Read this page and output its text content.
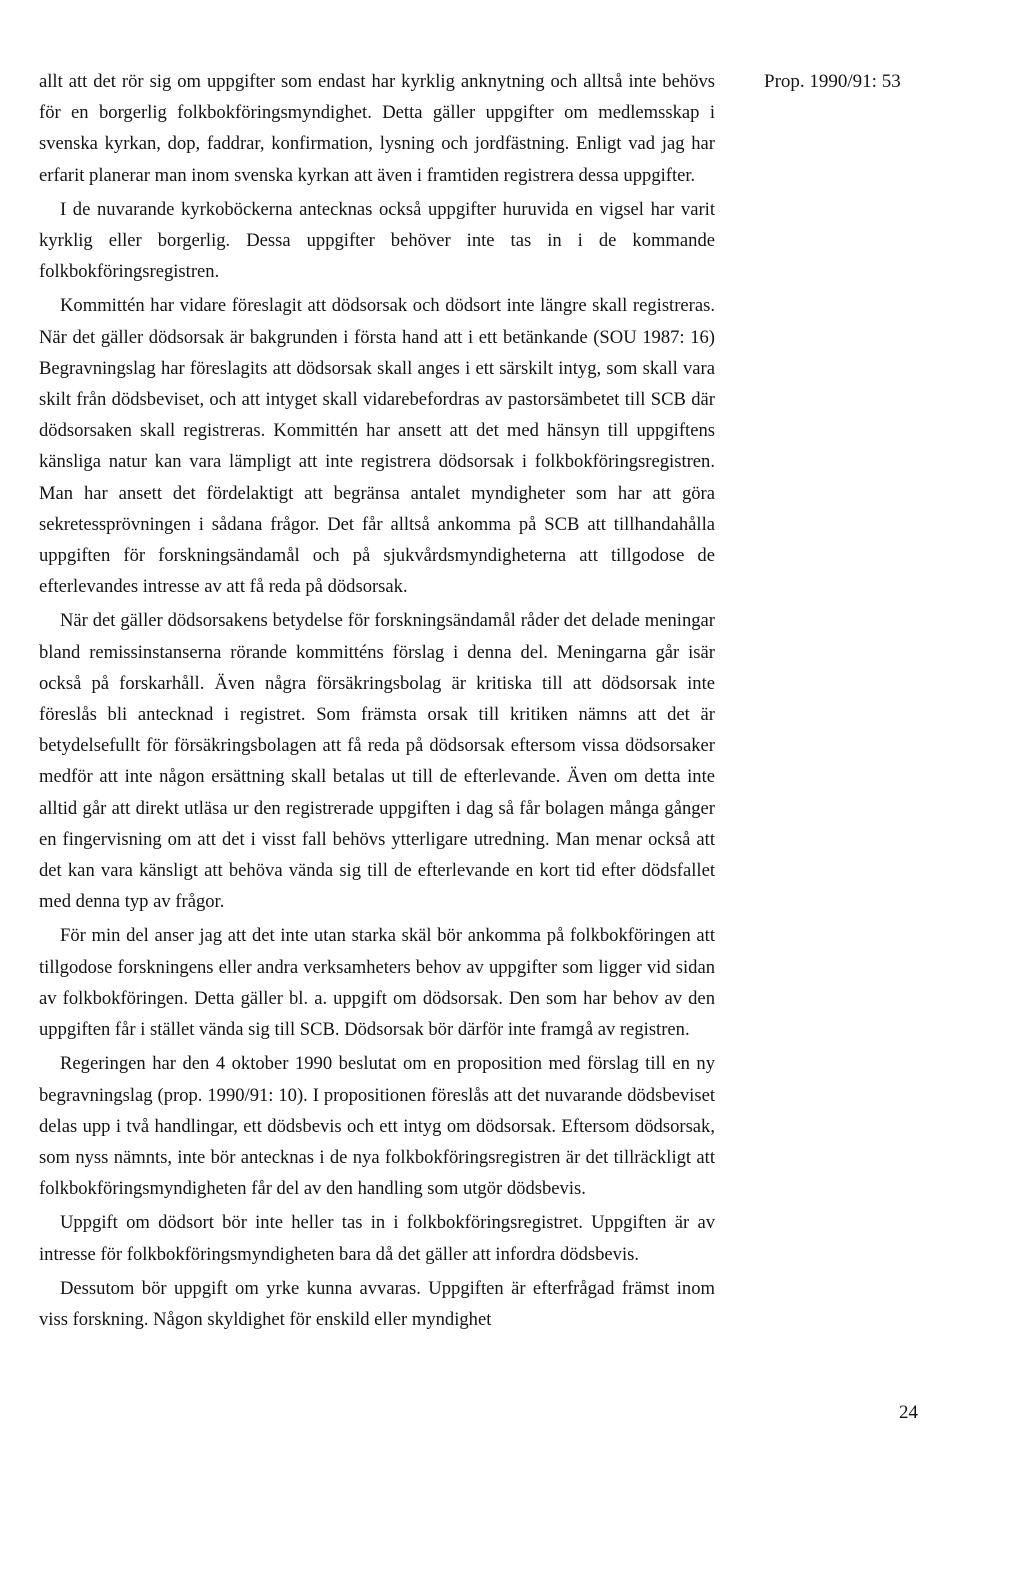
Prop. 1990/91: 53

allt att det rör sig om uppgifter som endast har kyrklig anknytning och alltså inte behövs för en borgerlig folkbokföringsmyndighet. Detta gäller uppgifter om medlemsskap i svenska kyrkan, dop, faddrar, konfirmation, lysning och jordfästning. Enligt vad jag har erfarit planerar man inom svenska kyrkan att även i framtiden registrera dessa uppgifter.

I de nuvarande kyrkoböckerna antecknas också uppgifter huruvida en vigsel har varit kyrklig eller borgerlig. Dessa uppgifter behöver inte tas in i de kommande folkbokföringsregistren.

Kommittén har vidare föreslagit att dödsorsak och dödsort inte längre skall registreras. När det gäller dödsorsak är bakgrunden i första hand att i ett betänkande (SOU 1987: 16) Begravningslag har föreslagits att dödsorsak skall anges i ett särskilt intyg, som skall vara skilt från dödsbeviset, och att intyget skall vidarebefordras av pastorsämbetet till SCB där dödsorsaken skall registreras. Kommittén har ansett att det med hänsyn till uppgiftens känsliga natur kan vara lämpligt att inte registrera dödsorsak i folkbokföringsregistren. Man har ansett det fördelaktigt att begränsa antalet myndigheter som har att göra sekretessprövningen i sådana frågor. Det får alltså ankomma på SCB att tillhandahålla uppgiften för forskningsändamål och på sjukvårdsmyndigheterna att tillgodose de efterlevandes intresse av att få reda på dödsorsak.

När det gäller dödsorsakens betydelse för forskningsändamål råder det delade meningar bland remissinstanserna rörande kommitténs förslag i denna del. Meningarna går isär också på forskarhåll. Även några försäkringsbolag är kritiska till att dödsorsak inte föreslås bli antecknad i registret. Som främsta orsak till kritiken nämns att det är betydelsefullt för försäkringsbolagen att få reda på dödsorsak eftersom vissa dödsorsaker medför att inte någon ersättning skall betalas ut till de efterlevande. Även om detta inte alltid går att direkt utläsa ur den registrerade uppgiften i dag så får bolagen många gånger en fingervisning om att det i visst fall behövs ytterligare utredning. Man menar också att det kan vara känsligt att behöva vända sig till de efterlevande en kort tid efter dödsfallet med denna typ av frågor.

För min del anser jag att det inte utan starka skäl bör ankomma på folkbokföringen att tillgodose forskningens eller andra verksamheters behov av uppgifter som ligger vid sidan av folkbokföringen. Detta gäller bl. a. uppgift om dödsorsak. Den som har behov av den uppgiften får i stället vända sig till SCB. Dödsorsak bör därför inte framgå av registren.

Regeringen har den 4 oktober 1990 beslutat om en proposition med förslag till en ny begravningslag (prop. 1990/91: 10). I propositionen föreslås att det nuvarande dödsbeviset delas upp i två handlingar, ett dödsbevis och ett intyg om dödsorsak. Eftersom dödsorsak, som nyss nämnts, inte bör antecknas i de nya folkbokföringsregistren är det tillräckligt att folkbokföringsmyndigheten får del av den handling som utgör dödsbevis.

Uppgift om dödsort bör inte heller tas in i folkbokföringsregistret. Uppgiften är av intresse för folkbokföringsmyndigheten bara då det gäller att infordra dödsbevis.

Dessutom bör uppgift om yrke kunna avvaras. Uppgiften är efterfrågad främst inom viss forskning. Någon skyldighet för enskild eller myndighet

24
